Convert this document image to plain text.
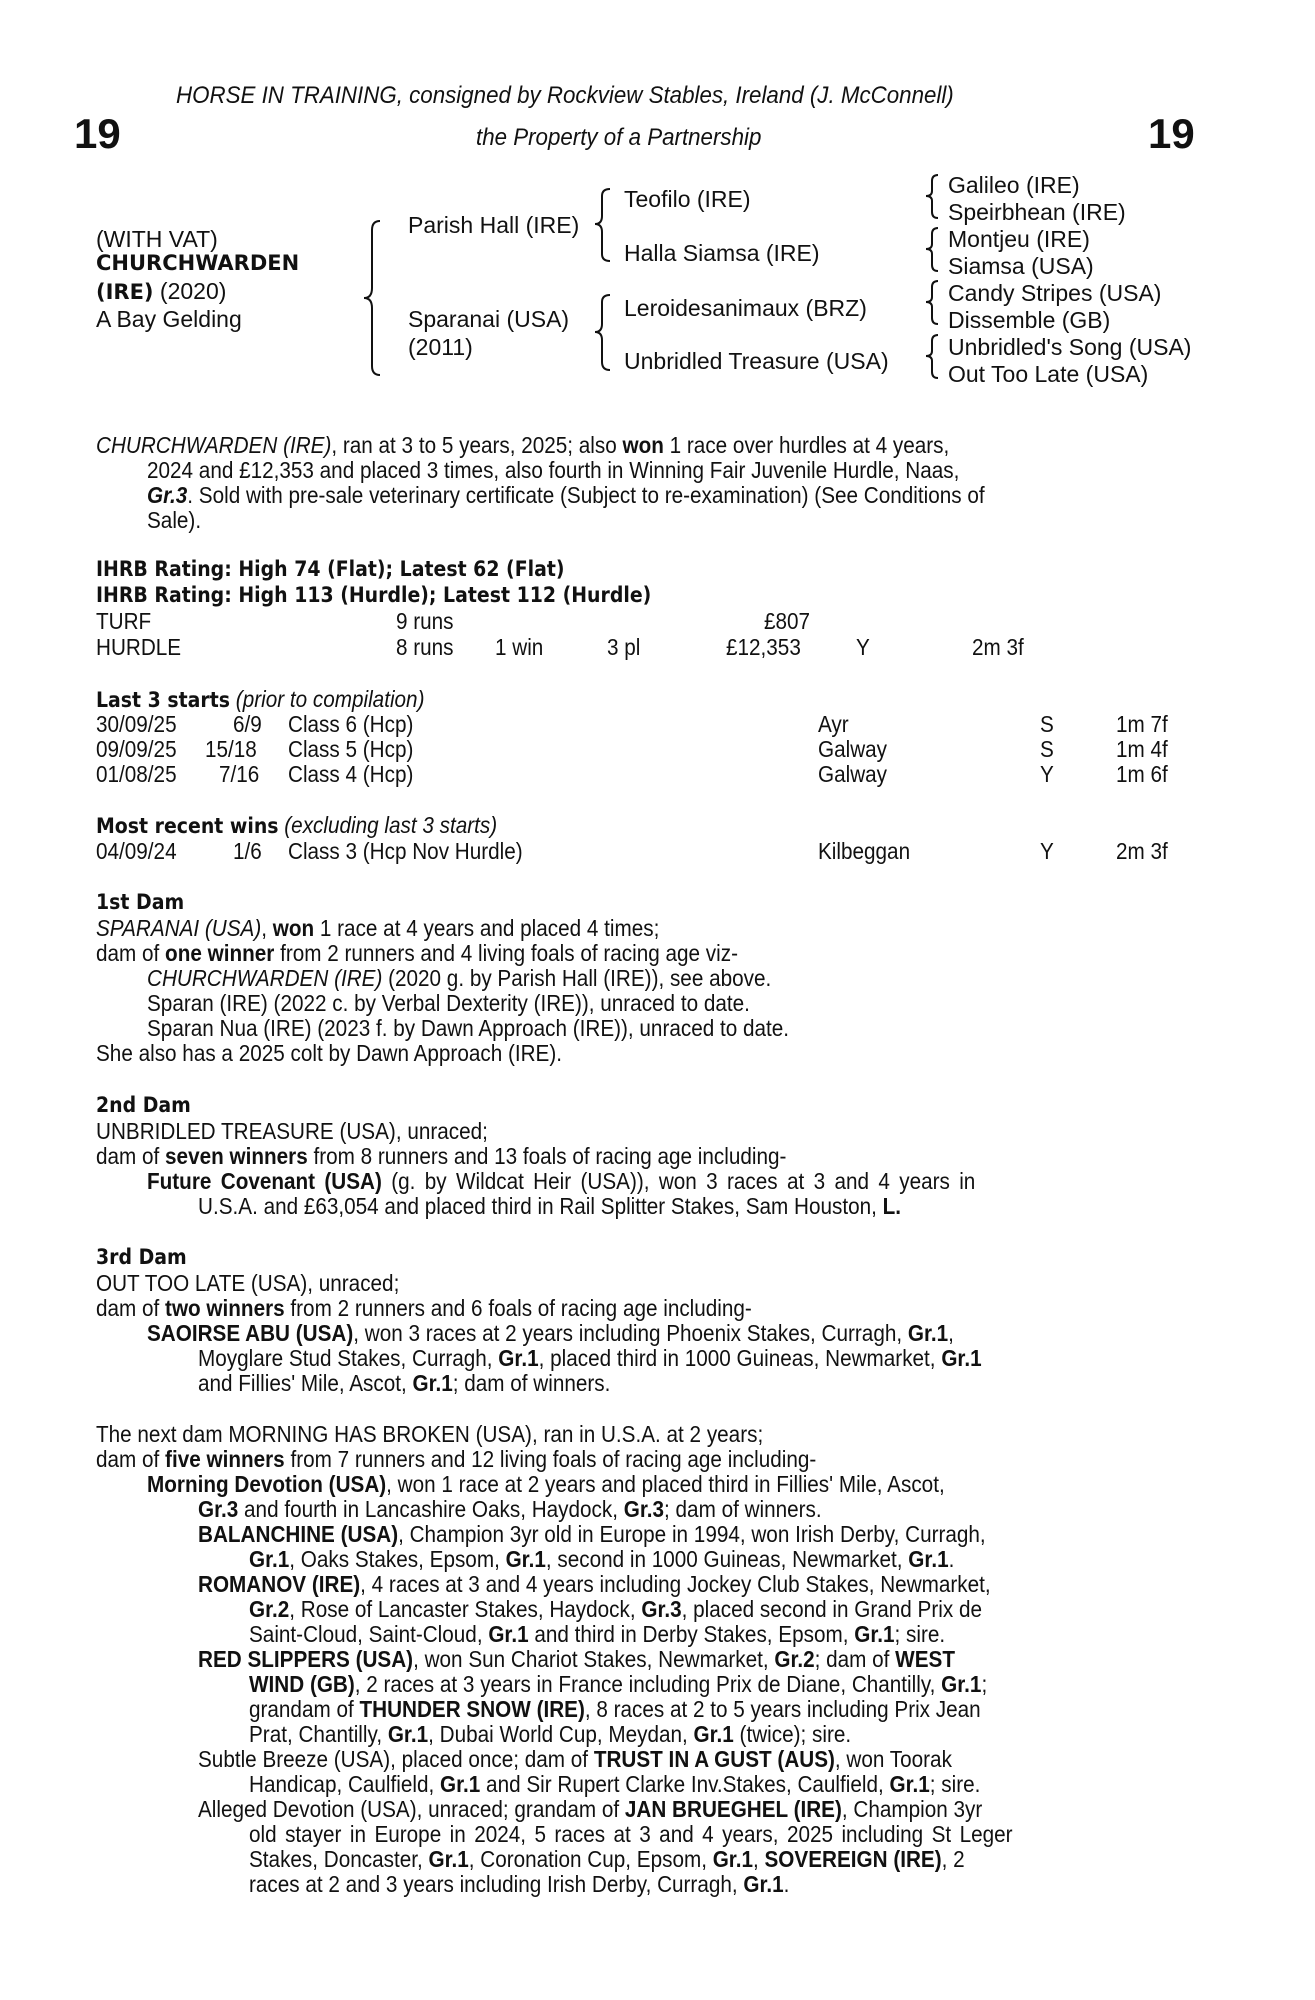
HORSE IN TRAINING, consigned by Rockview Stables, Ireland (J. McConnell)
the Property of a Partnership
19	19
(WITH VAT)
CHURCHWARDEN
(IRE) (2020)
A Bay Gelding
Parish Hall (IRE)
Sparanai (USA)
(2011)
Teofilo (IRE)
Halla Siamsa (IRE)
Leroidesanimaux (BRZ)
Unbridled Treasure (USA)
Galileo (IRE)
Speirbhean (IRE)
Montjeu (IRE)
Siamsa (USA)
Candy Stripes (USA)
Dissemble (GB)
Unbridled's Song (USA)
Out Too Late (USA)
CHURCHWARDEN (IRE), ran at 3 to 5 years, 2025; also won 1 race over hurdles at 4 years,
2024 and £12,353 and placed 3 times, also fourth in Winning Fair Juvenile Hurdle, Naas,
Gr.3. Sold with pre-sale veterinary certificate (Subject to re-examination) (See Conditions of
Sale).
IHRB Rating: High 74 (Flat); Latest 62 (Flat)
IHRB Rating: High 113 (Hurdle); Latest 112 (Hurdle)
TURF	9 runs	£807
HURDLE	8 runs 1 win	3 pl	£12,353 Y	2m 3f
Last 3 starts (prior to compilation)
30/09/25 6/9 Class 6 (Hcp)	Ayr	S	1m 7f
09/09/25 15/18 Class 5 (Hcp)	Galway	S	1m 4f
01/08/25 7/16 Class 4 (Hcp)	Galway	Y	1m 6f
Most recent wins (excluding last 3 starts)
04/09/24 1/6 Class 3 (Hcp Nov Hurdle)	Kilbeggan	Y	2m 3f
1st Dam
SPARANAI (USA), won 1 race at 4 years and placed 4 times;
dam of one winner from 2 runners and 4 living foals of racing age viz-
CHURCHWARDEN (IRE) (2020 g. by Parish Hall (IRE)), see above.
Sparan (IRE) (2022 c. by Verbal Dexterity (IRE)), unraced to date.
Sparan Nua (IRE) (2023 f. by Dawn Approach (IRE)), unraced to date.
She also has a 2025 colt by Dawn Approach (IRE).
2nd Dam
UNBRIDLED TREASURE (USA), unraced;
dam of seven winners from 8 runners and 13 foals of racing age including-
Future Covenant (USA) (g. by Wildcat Heir (USA)), won 3 races at 3 and 4 years in
U.S.A. and £63,054 and placed third in Rail Splitter Stakes, Sam Houston, L.
3rd Dam
OUT TOO LATE (USA), unraced;
dam of two winners from 2 runners and 6 foals of racing age including-
SAOIRSE ABU (USA), won 3 races at 2 years including Phoenix Stakes, Curragh, Gr.1,
Moyglare Stud Stakes, Curragh, Gr.1, placed third in 1000 Guineas, Newmarket, Gr.1
and Fillies' Mile, Ascot, Gr.1; dam of winners.
The next dam MORNING HAS BROKEN (USA), ran in U.S.A. at 2 years;
dam of five winners from 7 runners and 12 living foals of racing age including-
Morning Devotion (USA), won 1 race at 2 years and placed third in Fillies' Mile, Ascot,
Gr.3 and fourth in Lancashire Oaks, Haydock, Gr.3; dam of winners.
BALANCHINE (USA), Champion 3yr old in Europe in 1994, won Irish Derby, Curragh,
Gr.1, Oaks Stakes, Epsom, Gr.1, second in 1000 Guineas, Newmarket, Gr.1.
ROMANOV (IRE), 4 races at 3 and 4 years including Jockey Club Stakes, Newmarket,
Gr.2, Rose of Lancaster Stakes, Haydock, Gr.3, placed second in Grand Prix de
Saint-Cloud, Saint-Cloud, Gr.1 and third in Derby Stakes, Epsom, Gr.1; sire.
RED SLIPPERS (USA), won Sun Chariot Stakes, Newmarket, Gr.2; dam of WEST
WIND (GB), 2 races at 3 years in France including Prix de Diane, Chantilly, Gr.1;
grandam of THUNDER SNOW (IRE), 8 races at 2 to 5 years including Prix Jean
Prat, Chantilly, Gr.1, Dubai World Cup, Meydan, Gr.1 (twice); sire.
Subtle Breeze (USA), placed once; dam of TRUST IN A GUST (AUS), won Toorak
Handicap, Caulfield, Gr.1 and Sir Rupert Clarke Inv.Stakes, Caulfield, Gr.1; sire.
Alleged Devotion (USA), unraced; grandam of JAN BRUEGHEL (IRE), Champion 3yr
old stayer in Europe in 2024, 5 races at 3 and 4 years, 2025 including St Leger
Stakes, Doncaster, Gr.1, Coronation Cup, Epsom, Gr.1, SOVEREIGN (IRE), 2
races at 2 and 3 years including Irish Derby, Curragh, Gr.1.
